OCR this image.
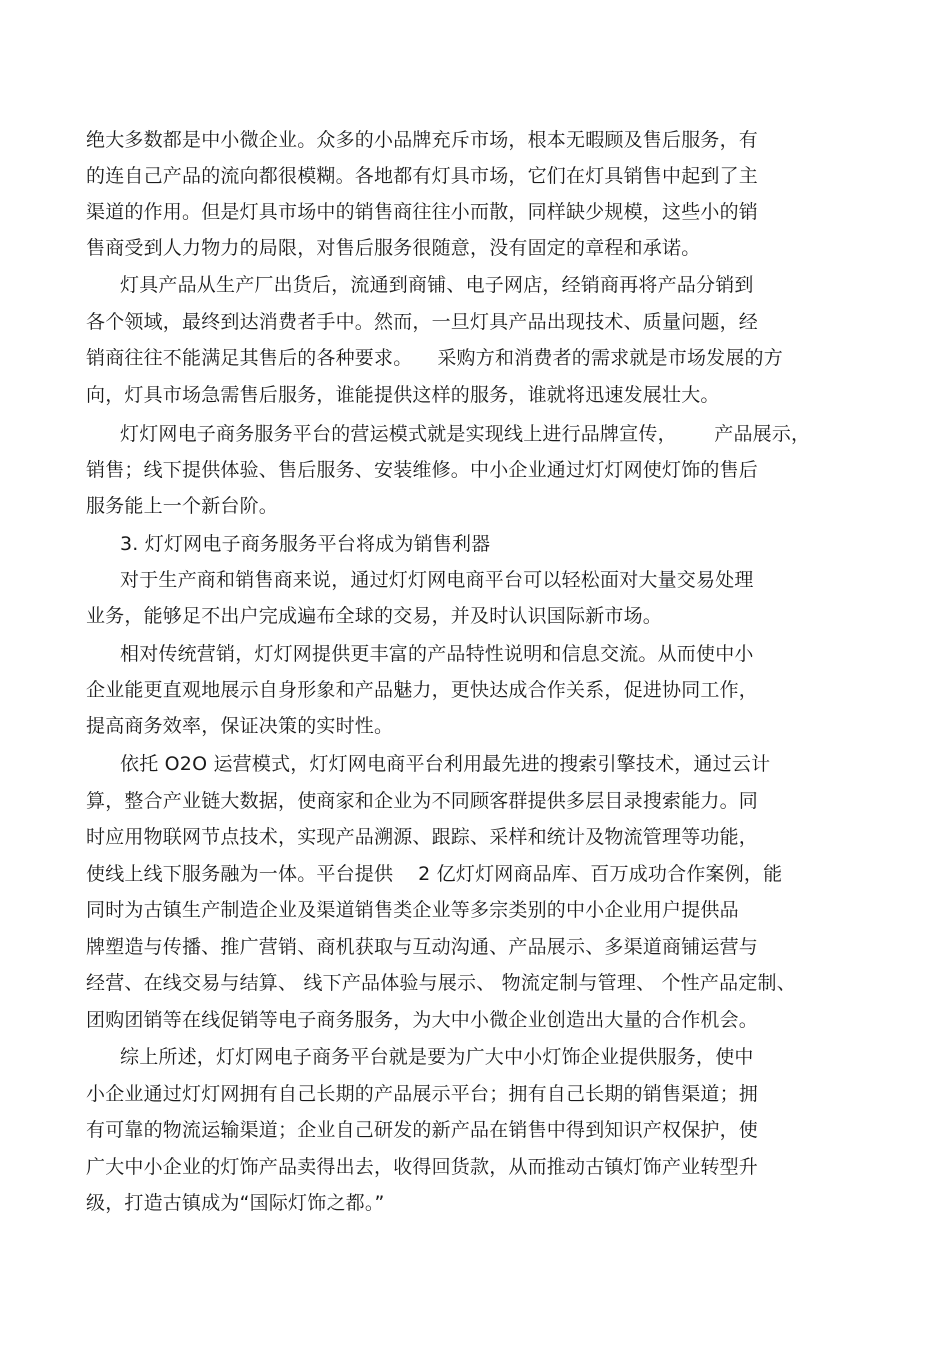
绝大多数都是中小微企业。众多的小品牌充斥市场，根本无暇顾及售后服务，有
的连自己产品的流向都很模糊。各地都有灯具市场，它们在灯具销售中起到了主
渠道的作用。但是灯具市场中的销售商往往小而散，同样缺少规模，这些小的销
售商受到人力物力的局限，对售后服务很随意，没有固定的章程和承诺。
灯具产品从生产厂出货后，流通到商铺、电子网店，经销商再将产品分销到
各个领域，最终到达消费者手中。然而，一旦灯具产品出现技术、质量问题，经
销商往往不能满足其售后的各种要求。    采购方和消费者的需求就是市场发展的方
向，灯具市场急需售后服务，谁能提供这样的服务，谁就将迅速发展壮大。
灯灯网电子商务服务平台的营运模式就是实现线上进行品牌宣传，      产品展示，
销售；线下提供体验、售后服务、安装维修。中小企业通过灯灯网使灯饰的售后
服务能上一个新台阶。
3. 灯灯网电子商务服务平台将成为销售利器
对于生产商和销售商来说，通过灯灯网电商平台可以轻松面对大量交易处理
业务，能够足不出户完成遍布全球的交易，并及时认识国际新市场。
相对传统营销，灯灯网提供更丰富的产品特性说明和信息交流。从而使中小
企业能更直观地展示自身形象和产品魅力，更快达成合作关系，促进协同工作，
提高商务效率，保证决策的实时性。
依托 O2O 运营模式，灯灯网电商平台利用最先进的搜索引擎技术，通过云计
算，整合产业链大数据，使商家和企业为不同顾客群提供多层目录搜索能力。同
时应用物联网节点技术，实现产品溯源、跟踪、采样和统计及物流管理等功能，
使线上线下服务融为一体。平台提供    2 亿灯灯网商品库、百万成功合作案例，能
同时为古镇生产制造企业及渠道销售类企业等多宗类别的中小企业用户提供品
牌塑造与传播、推广营销、商机获取与互动沟通、产品展示、多渠道商铺运营与
经营、在线交易与结算、 线下产品体验与展示、 物流定制与管理、 个性产品定制、
团购团销等在线促销等电子商务服务，为大中小微企业创造出大量的合作机会。
综上所述，灯灯网电子商务平台就是要为广大中小灯饰企业提供服务，使中
小企业通过灯灯网拥有自己长期的产品展示平台；拥有自己长期的销售渠道；拥
有可靠的物流运输渠道；企业自己研发的新产品在销售中得到知识产权保护，使
广大中小企业的灯饰产品卖得出去，收得回货款，从而推动古镇灯饰产业转型升
级，打造古镇成为“国际灯饰之都。”
